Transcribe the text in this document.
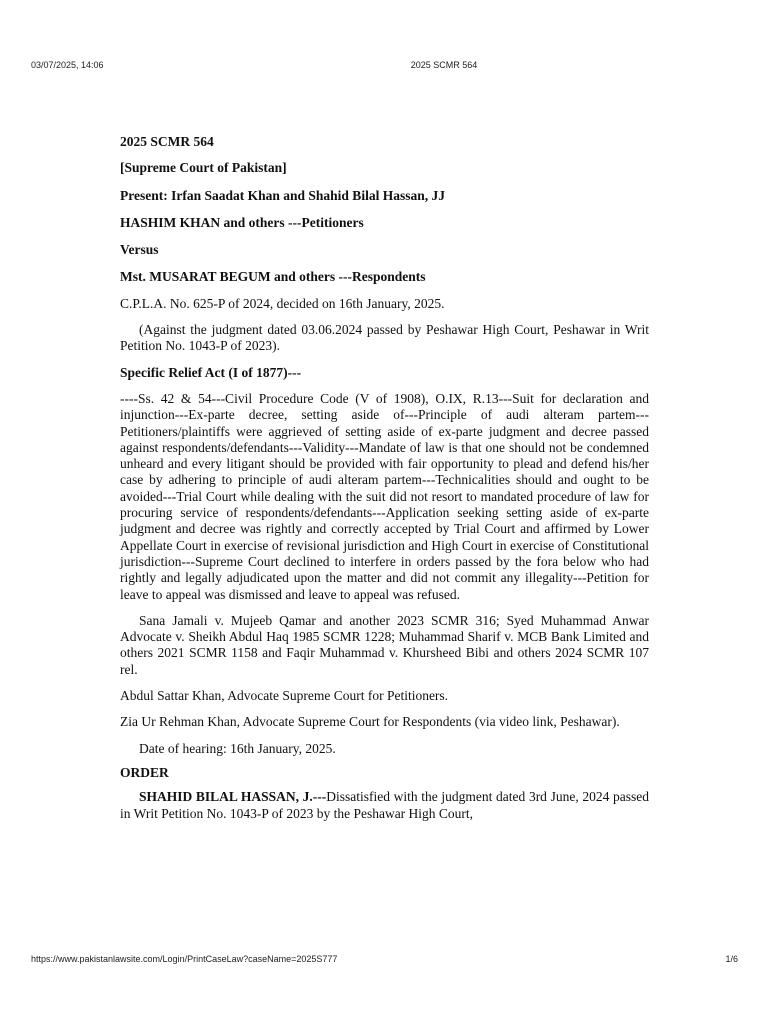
03/07/2025, 14:06	2025 SCMR 564

2025 SCMR 564

[Supreme Court of Pakistan]

Present: Irfan Saadat Khan and Shahid Bilal Hassan, JJ

HASHIM KHAN and others ---Petitioners

Versus

Mst. MUSARAT BEGUM and others ---Respondents

C.P.L.A. No. 625-P of 2024, decided on 16th January, 2025.

(Against the judgment dated 03.06.2024 passed by Peshawar High Court, Peshawar in Writ Petition No. 1043-P of 2023).

Specific Relief Act (I of 1877)---

----Ss. 42 & 54---Civil Procedure Code (V of 1908), O.IX, R.13---Suit for declaration and injunction---Ex-parte decree, setting aside of---Principle of audi alteram partem---Petitioners/plaintiffs were aggrieved of setting aside of ex-parte judgment and decree passed against respondents/defendants---Validity---Mandate of law is that one should not be condemned unheard and every litigant should be provided with fair opportunity to plead and defend his/her case by adhering to principle of audi alteram partem---Technicalities should and ought to be avoided---Trial Court while dealing with the suit did not resort to mandated procedure of law for procuring service of respondents/defendants---Application seeking setting aside of ex-parte judgment and decree was rightly and correctly accepted by Trial Court and affirmed by Lower Appellate Court in exercise of revisional jurisdiction and High Court in exercise of Constitutional jurisdiction---Supreme Court declined to interfere in orders passed by the fora below who had rightly and legally adjudicated upon the matter and did not commit any illegality---Petition for leave to appeal was dismissed and leave to appeal was refused.

Sana Jamali v. Mujeeb Qamar and another 2023 SCMR 316; Syed Muhammad Anwar Advocate v. Sheikh Abdul Haq 1985 SCMR 1228; Muhammad Sharif v. MCB Bank Limited and others 2021 SCMR 1158 and Faqir Muhammad v. Khursheed Bibi and others 2024 SCMR 107 rel.

Abdul Sattar Khan, Advocate Supreme Court for Petitioners.

Zia Ur Rehman Khan, Advocate Supreme Court for Respondents (via video link, Peshawar).

Date of hearing: 16th January, 2025.

ORDER

SHAHID BILAL HASSAN, J.---Dissatisfied with the judgment dated 3rd June, 2024 passed in Writ Petition No. 1043-P of 2023 by the Peshawar High Court,

https://www.pakistanlawsite.com/Login/PrintCaseLaw?caseName=2025S777	1/6
